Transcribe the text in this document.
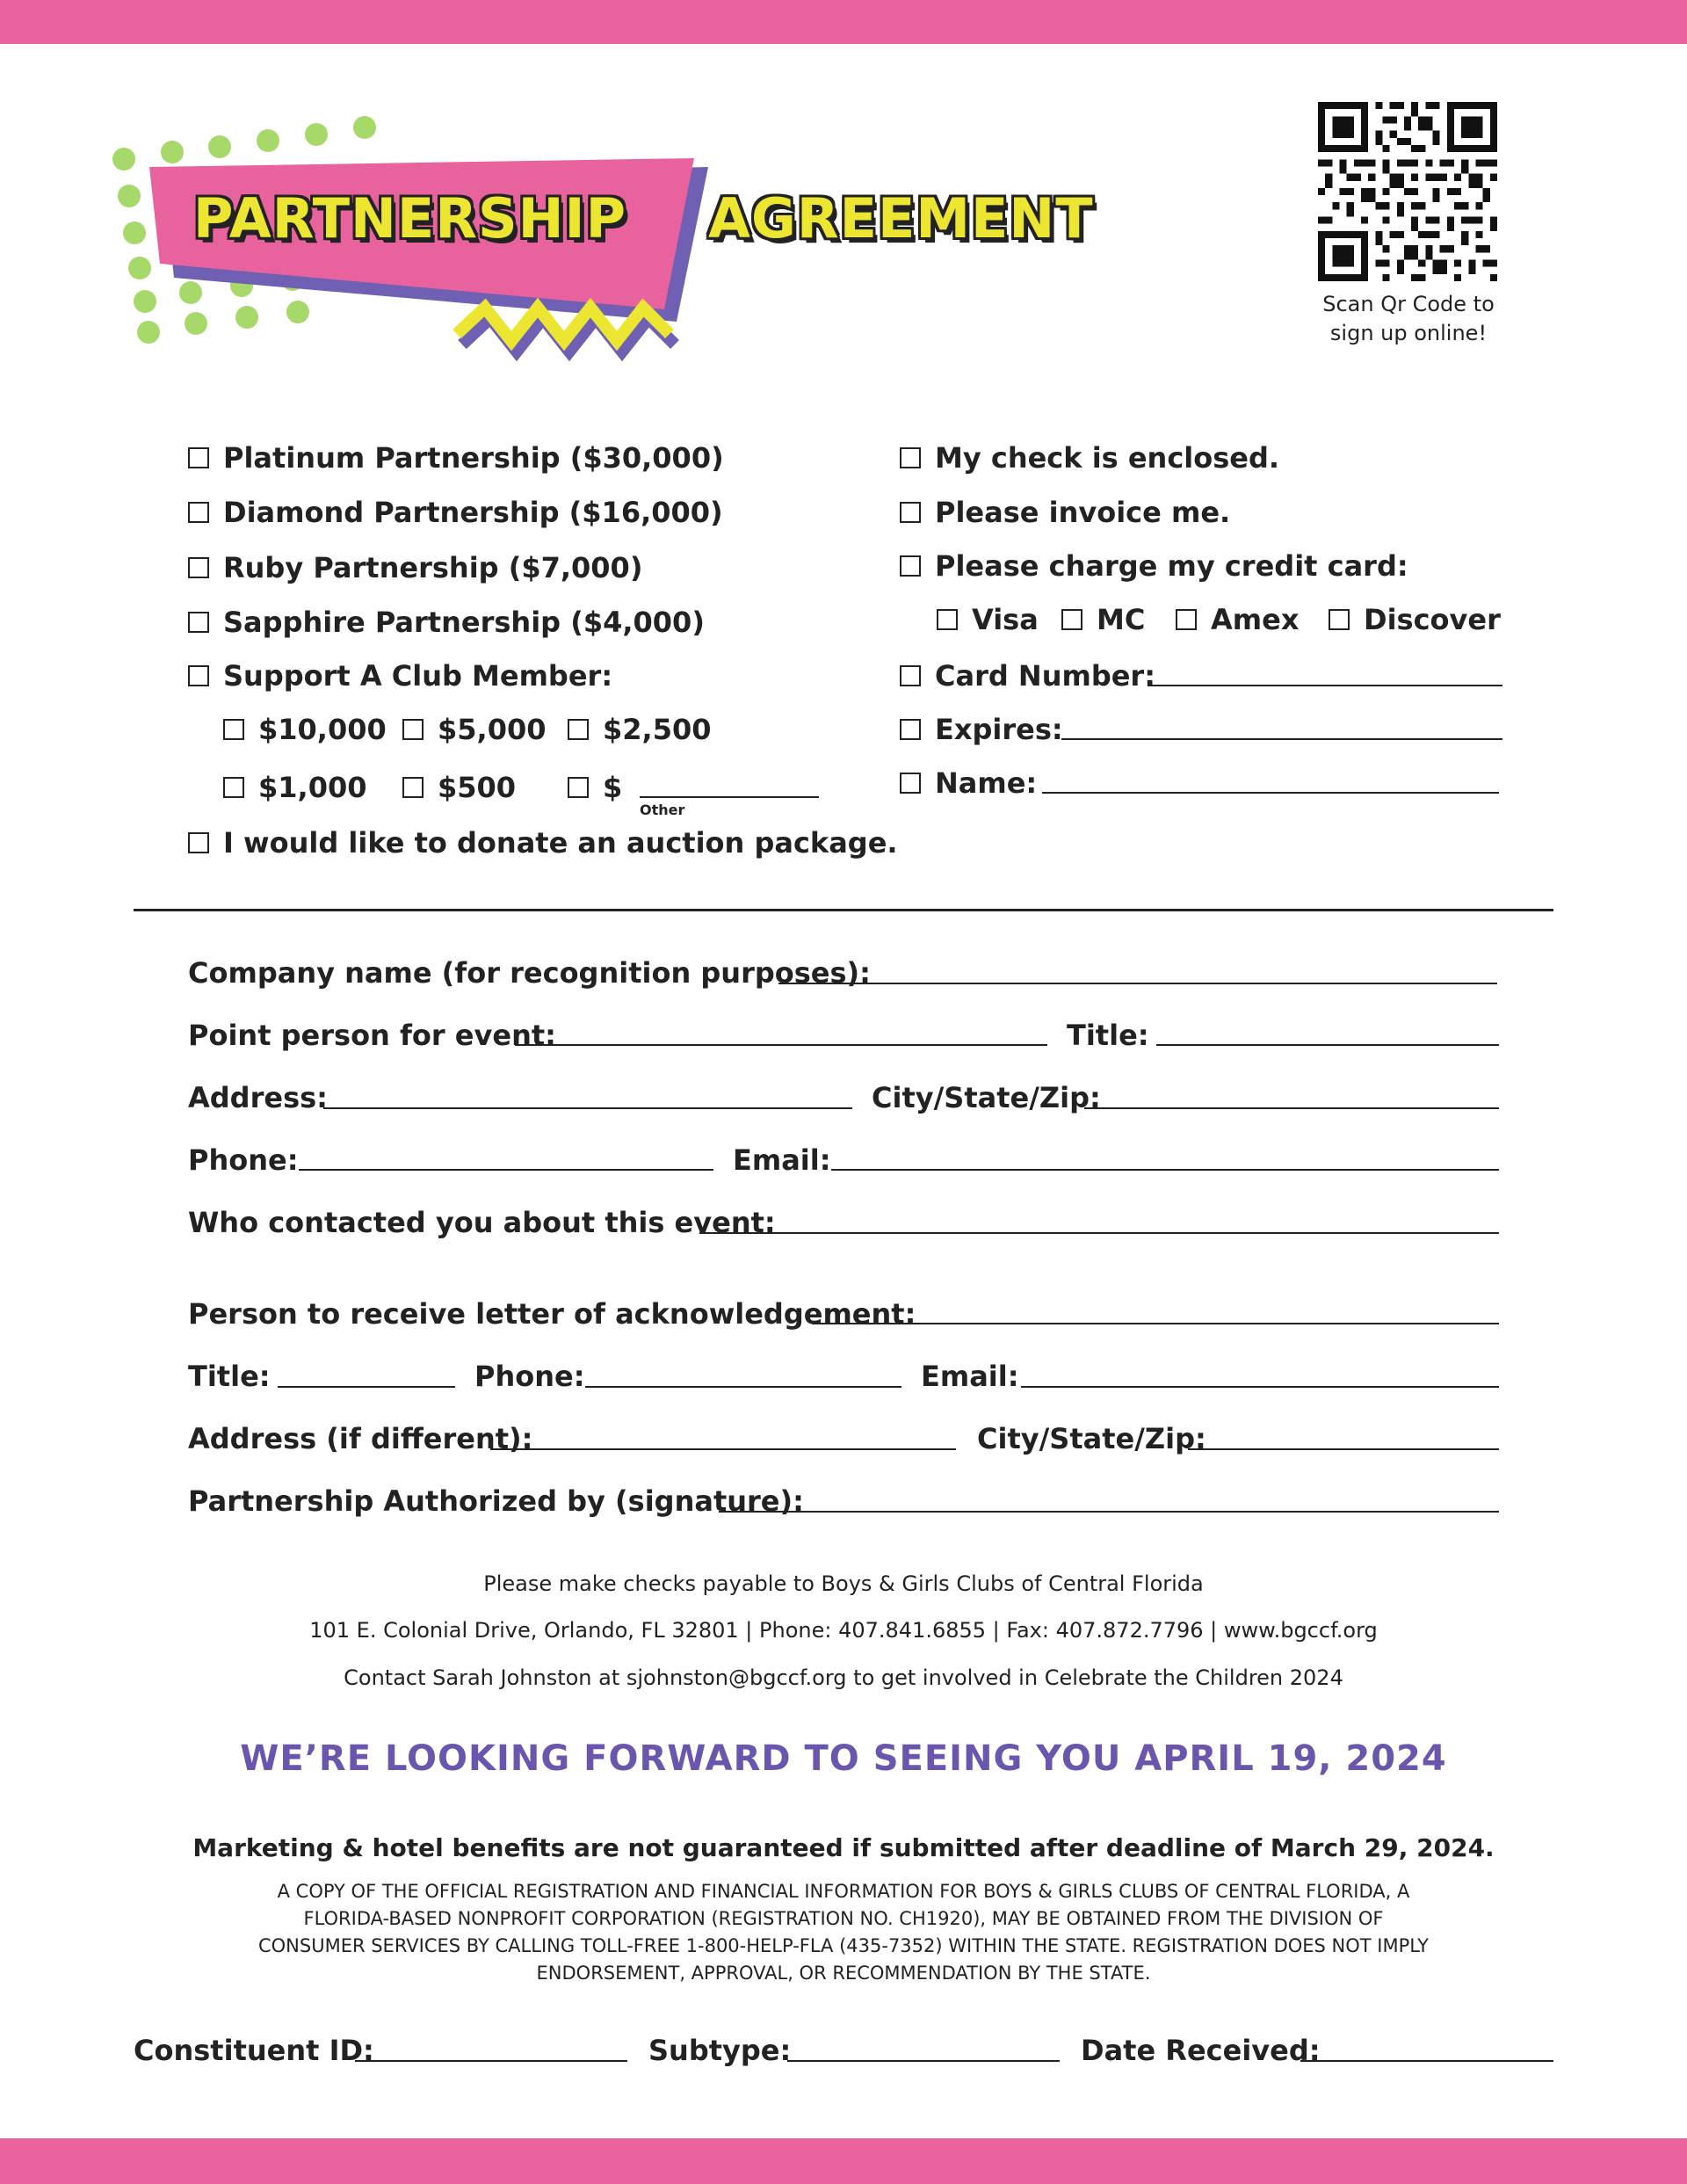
PARTNERSHIP AGREEMENT
Scan Qr Code to
sign up online!
Platinum Partnership ($30,000)
Diamond Partnership ($16,000)
Ruby Partnership ($7,000)
Sapphire Partnership ($4,000)
Support A Club Member:
$10,000 $5,000 $2,500
$1,000	$500	$
Other
I would like to donate an auction package.
My check is enclosed.
Please invoice me.
Please charge my credit card:
Visa MC Amex Discover
Card Number:
Expires:
Name:
Company name (for recognition purposes):
Point person for event:	Title:
Address:	City/State/Zip:
Phone:	Email:
Who contacted you about this event:
Person to receive letter of acknowledgement:
Title:	Phone:	Email:
Address (if different):	City/State/Zip:
Partnership Authorized by (signature):
Please make checks payable to Boys & Girls Clubs of Central Florida
101 E. Colonial Drive, Orlando, FL 32801 | Phone: 407.841.6855 | Fax: 407.872.7796 | www.bgccf.org
Contact Sarah Johnston at sjohnston@bgccf.org to get involved in Celebrate the Children 2024
WE’RE LOOKING FORWARD TO SEEING YOU APRIL 19, 2024
Marketing & hotel benefits are not guaranteed if submitted after deadline of March 29, 2024.
A COPY OF THE OFFICIAL REGISTRATION AND FINANCIAL INFORMATION FOR BOYS & GIRLS CLUBS OF CENTRAL FLORIDA, A
FLORIDA-BASED NONPROFIT CORPORATION (REGISTRATION NO. CH1920), MAY BE OBTAINED FROM THE DIVISION OF
CONSUMER SERVICES BY CALLING TOLL-FREE 1-800-HELP-FLA (435-7352) WITHIN THE STATE. REGISTRATION DOES NOT IMPLY
ENDORSEMENT, APPROVAL, OR RECOMMENDATION BY THE STATE.
Constituent ID:	Subtype:	Date Received:
